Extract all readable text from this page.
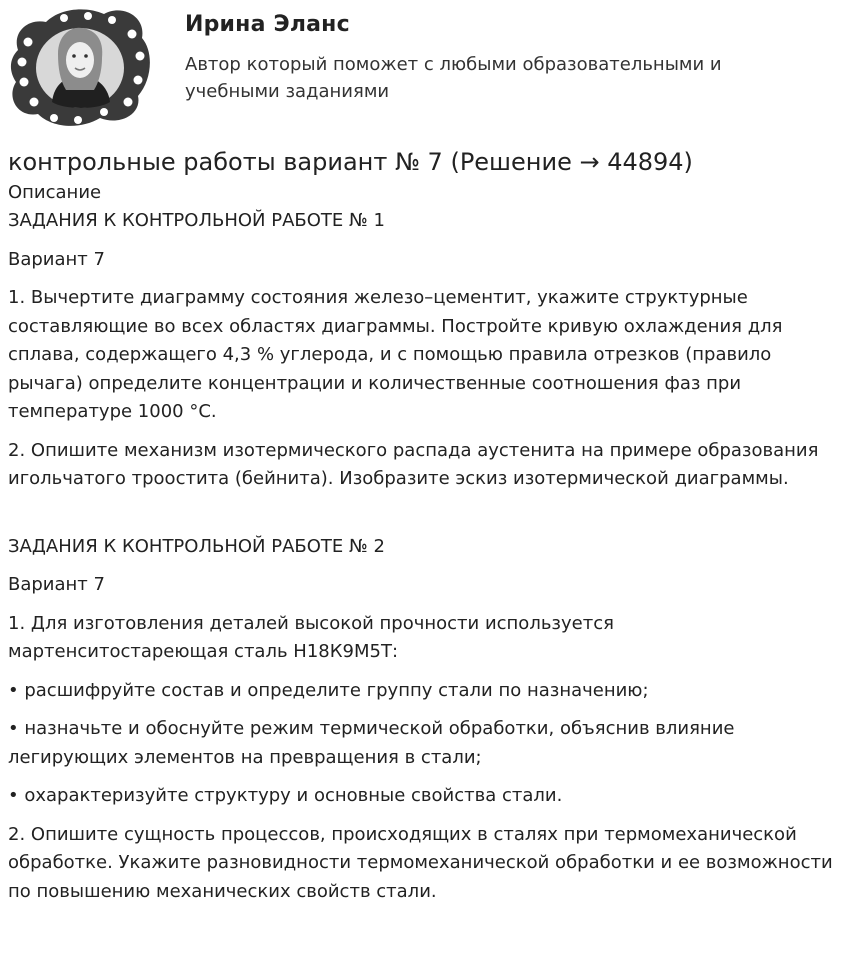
Ирина Эланс
Автор который поможет с любыми образовательными и учебными заданиями
контрольные работы вариант № 7 (Решение → 44894)
Описание

ЗАДАНИЯ К КОНТРОЛЬНОЙ РАБОТЕ № 1

Вариант 7

1. Вычертите диаграмму состояния железо–цементит, укажите структурные составляющие во всех областях диаграммы. Постройте кривую охлаждения для сплава, содержащего 4,3 % углерода, и с помощью правила отрезков (правило рычага) определите концентрации и количественные соотношения фаз при температуре 1000 °С.

2. Опишите механизм изотермического распада аустенита на примере образования игольчатого троостита (бейнита). Изобразите эскиз изотермической диаграммы.

ЗАДАНИЯ К КОНТРОЛЬНОЙ РАБОТЕ № 2

Вариант 7

1. Для изготовления деталей высокой прочности используется мартенситостареющая сталь Н18К9М5Т:

• расшифруйте состав и определите группу стали по назначению;

• назначьте и обоснуйте режим термической обработки, объяснив влияние легирующих элементов на превращения в стали;

• охарактеризуйте структуру и основные свойства стали.

2. Опишите сущность процессов, происходящих в сталях при термомеханической обработке. Укажите разновидности термомеханической обработки и ее возможности по повышению механических свойств стали.
